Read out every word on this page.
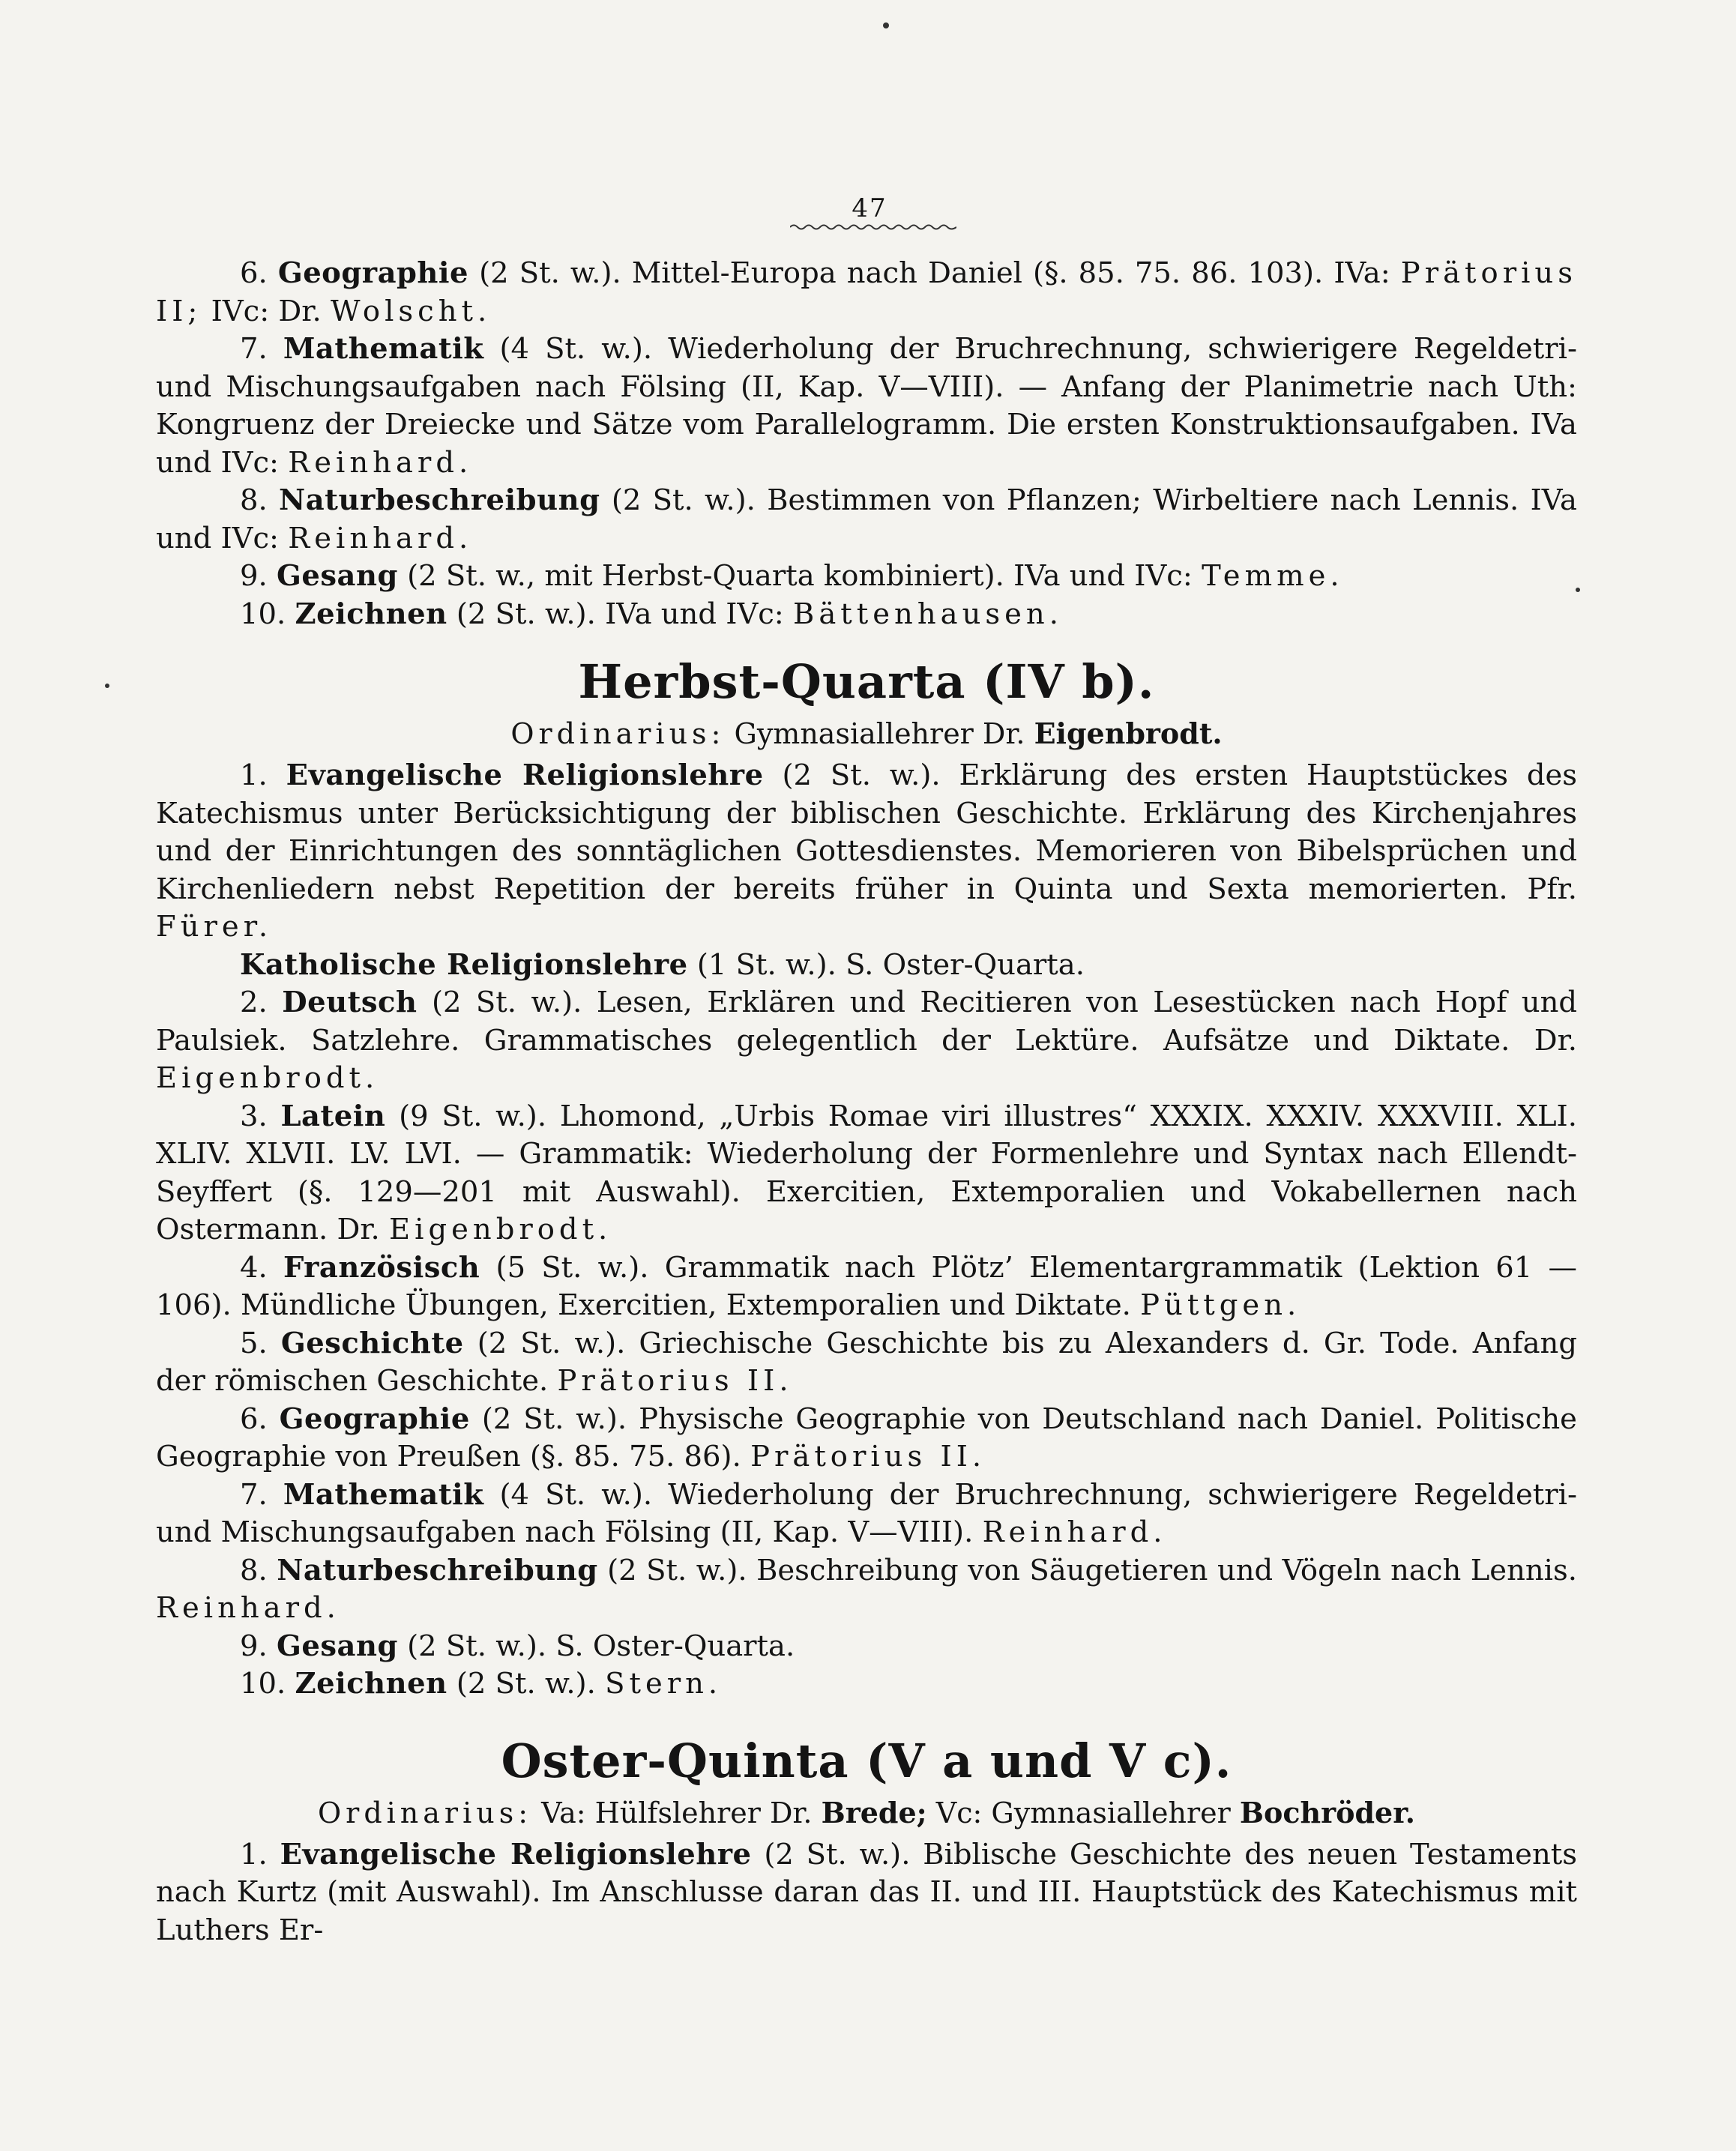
47

6. Geographie (2 St. w.). Mittel-Europa nach Daniel (§. 85. 75. 86. 103). IVa: Prätorius II; IVc: Dr. Wolscht.

7. Mathematik (4 St. w.). Wiederholung der Bruchrechnung, schwierigere Regeldetri- und Mischungsaufgaben nach Fölsing (II, Kap. V—VIII). — Anfang der Planimetrie nach Uth: Kongruenz der Dreiecke und Sätze vom Parallelogramm. Die ersten Konstruktionsaufgaben. IVa und IVc: Reinhard.

8. Naturbeschreibung (2 St. w.). Bestimmen von Pflanzen; Wirbeltiere nach Lennis. IVa und IVc: Reinhard.

9. Gesang (2 St. w., mit Herbst-Quarta kombiniert). IVa und IVc: Temme.

10. Zeichnen (2 St. w.). IVa und IVc: Bättenhausen.

Herbst-Quarta (IV b).
Ordinarius: Gymnasiallehrer Dr. Eigenbrodt.

1. Evangelische Religionslehre (2 St. w.). Erklärung des ersten Hauptstückes des Katechismus unter Berücksichtigung der biblischen Geschichte. Erklärung des Kirchenjahres und der Einrichtungen des sonntäglichen Gottesdienstes. Memorieren von Bibelsprüchen und Kirchenliedern nebst Repetition der bereits früher in Quinta und Sexta memorierten. Pfr. Fürer.

Katholische Religionslehre (1 St. w.). S. Oster-Quarta.

2. Deutsch (2 St. w.). Lesen, Erklären und Recitieren von Lesestücken nach Hopf und Paulsiek. Satzlehre. Grammatisches gelegentlich der Lektüre. Aufsätze und Diktate. Dr. Eigenbrodt.

3. Latein (9 St. w.). Lhomond, „Urbis Romae viri illustres“ XXXIX. XXXIV. XXXVIII. XLI. XLIV. XLVII. LV. LVI. — Grammatik: Wiederholung der Formenlehre und Syntax nach Ellendt-Seyffert (§. 129—201 mit Auswahl). Exercitien, Extemporalien und Vokabellernen nach Ostermann. Dr. Eigenbrodt.

4. Französisch (5 St. w.). Grammatik nach Plötz’ Elementargrammatik (Lektion 61 — 106). Mündliche Übungen, Exercitien, Extemporalien und Diktate. Püttgen.

5. Geschichte (2 St. w.). Griechische Geschichte bis zu Alexanders d. Gr. Tode. Anfang der römischen Geschichte. Prätorius II.

6. Geographie (2 St. w.). Physische Geographie von Deutschland nach Daniel. Politische Geographie von Preußen (§. 85. 75. 86). Prätorius II.

7. Mathematik (4 St. w.). Wiederholung der Bruchrechnung, schwierigere Regeldetri- und Mischungsaufgaben nach Fölsing (II, Kap. V—VIII). Reinhard.

8. Naturbeschreibung (2 St. w.). Beschreibung von Säugetieren und Vögeln nach Lennis. Reinhard.

9. Gesang (2 St. w.). S. Oster-Quarta.

10. Zeichnen (2 St. w.). Stern.

Oster-Quinta (V a und V c).
Ordinarius: Va: Hülfslehrer Dr. Brede; Vc: Gymnasiallehrer Bochröder.

1. Evangelische Religionslehre (2 St. w.). Biblische Geschichte des neuen Testaments nach Kurtz (mit Auswahl). Im Anschlusse daran das II. und III. Hauptstück des Katechismus mit Luthers Er-
